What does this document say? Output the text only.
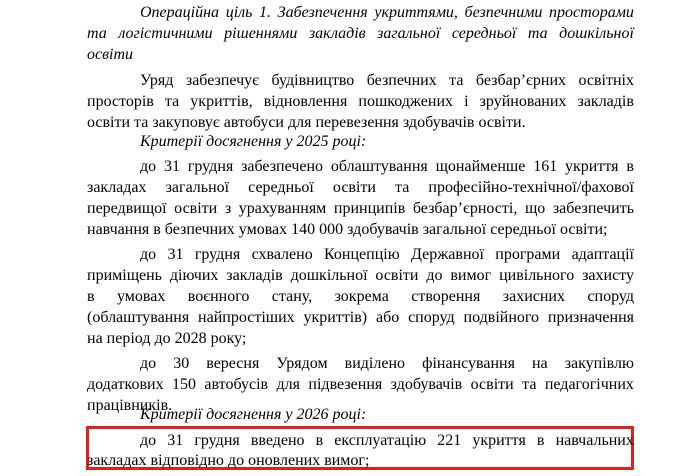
Операційна ціль 1. Забезпечення укриттями, безпечними просторами
та логістичними рішеннями закладів загальної середньої та дошкільної
освіти
Уряд забезпечує будівництво безпечних та безбар’єрних освітніх
просторів та укриттів, відновлення пошкоджених і зруйнованих закладів
освіти та закуповує автобуси для перевезення здобувачів освіти.
Критерії досягнення у 2025 році:
до 31 грудня забезпечено облаштування щонайменше 161 укриття в
закладах загальної середньої освіти та професійно-технічної/фахової
передвищої освіти з урахуванням принципів безбар’єрності, що забезпечить
навчання в безпечних умовах 140 000 здобувачів загальної середньої освіти;
до 31 грудня схвалено Концепцію Державної програми адаптації
приміщень діючих закладів дошкільної освіти до вимог цивільного захисту
в умовах воєнного стану, зокрема створення захисних споруд
(облаштування найпростіших укриттів) або споруд подвійного призначення
на період до 2028 року;
до 30 вересня Урядом виділено фінансування на закупівлю
додаткових 150 автобусів для підвезення здобувачів освіти та педагогічних
працівників.
Критерії досягнення у 2026 році:
до 31 грудня введено в експлуатацію 221 укриття в навчальних
закладах відповідно до оновлених вимог;
